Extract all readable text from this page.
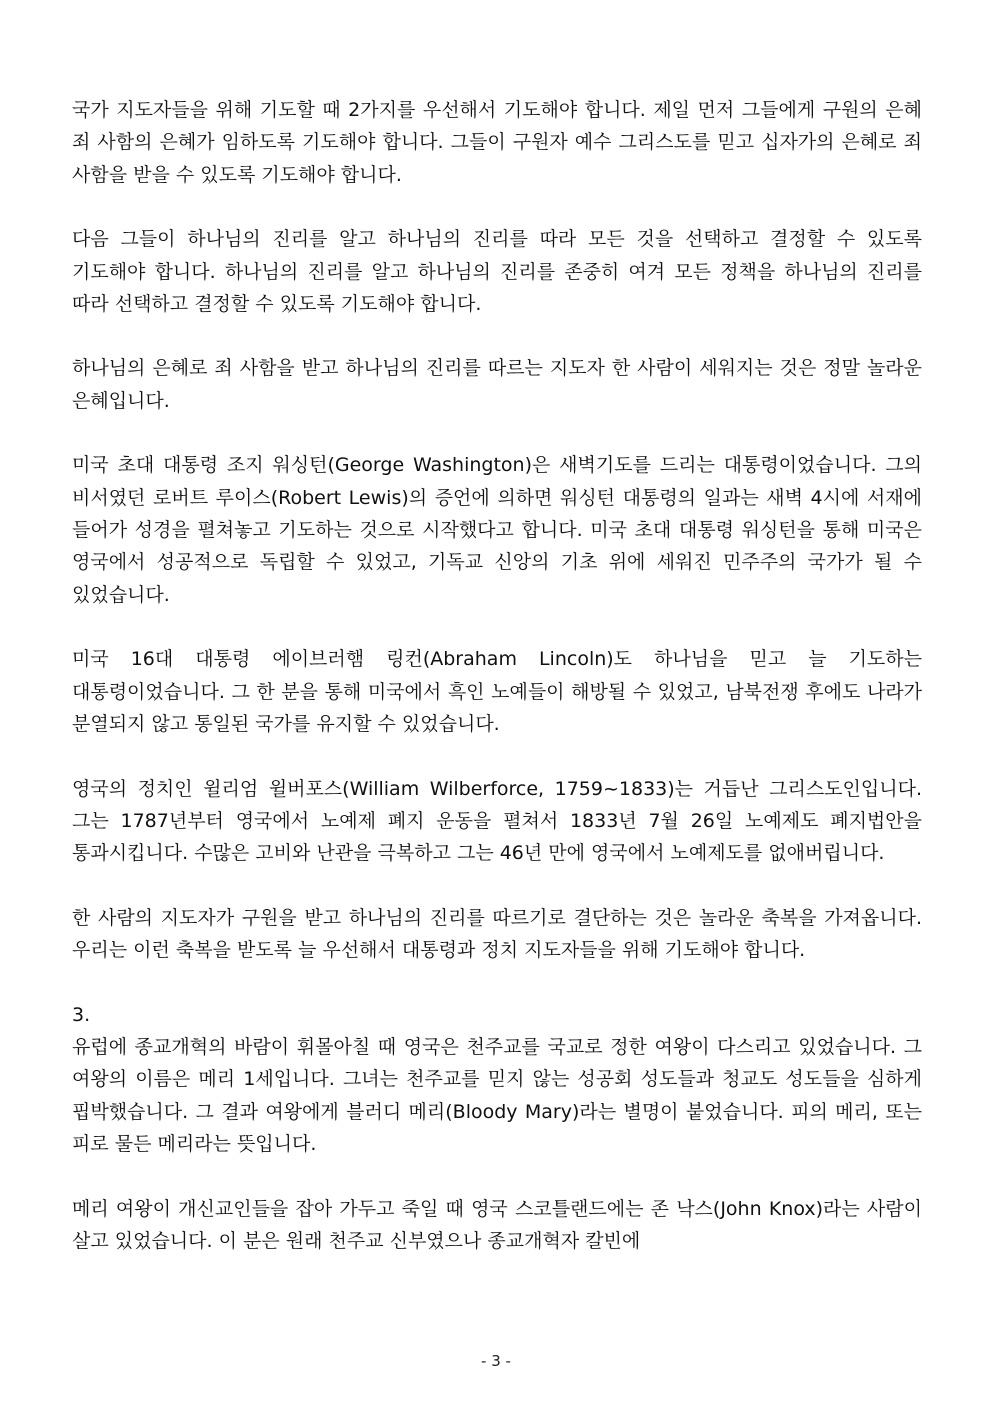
국가 지도자들을 위해 기도할 때 2가지를 우선해서 기도해야 합니다. 제일 먼저 그들에게 구원의 은혜 죄 사함의 은혜가 임하도록 기도해야 합니다. 그들이 구원자 예수 그리스도를 믿고 십자가의 은혜로 죄 사함을 받을 수 있도록 기도해야 합니다.

다음 그들이 하나님의 진리를 알고 하나님의 진리를 따라 모든 것을 선택하고 결정할 수 있도록 기도해야 합니다. 하나님의 진리를 알고 하나님의 진리를 존중히 여겨 모든 정책을 하나님의 진리를 따라 선택하고 결정할 수 있도록 기도해야 합니다.

하나님의 은혜로 죄 사함을 받고 하나님의 진리를 따르는 지도자 한 사람이 세워지는 것은 정말 놀라운 은혜입니다.

미국 초대 대통령 조지 워싱턴(George Washington)은 새벽기도를 드리는 대통령이었습니다. 그의 비서였던 로버트 루이스(Robert Lewis)의 증언에 의하면 워싱턴 대통령의 일과는 새벽 4시에 서재에 들어가 성경을 펼쳐놓고 기도하는 것으로 시작했다고 합니다. 미국 초대 대통령 워싱턴을 통해 미국은 영국에서 성공적으로 독립할 수 있었고, 기독교 신앙의 기초 위에 세워진 민주주의 국가가 될 수 있었습니다.

미국 16대 대통령 에이브러햄 링컨(Abraham Lincoln)도 하나님을 믿고 늘 기도하는 대통령이었습니다. 그 한 분을 통해 미국에서 흑인 노예들이 해방될 수 있었고, 남북전쟁 후에도 나라가 분열되지 않고 통일된 국가를 유지할 수 있었습니다.

영국의 정치인 윌리엄 윌버포스(William Wilberforce, 1759~1833)는 거듭난 그리스도인입니다. 그는 1787년부터 영국에서 노예제 폐지 운동을 펼쳐서 1833년 7월 26일 노예제도 폐지법안을 통과시킵니다. 수많은 고비와 난관을 극복하고 그는 46년 만에 영국에서 노예제도를 없애버립니다.

한 사람의 지도자가 구원을 받고 하나님의 진리를 따르기로 결단하는 것은 놀라운 축복을 가져옵니다. 우리는 이런 축복을 받도록 늘 우선해서 대통령과 정치 지도자들을 위해 기도해야 합니다.

3.

유럽에 종교개혁의 바람이 휘몰아칠 때 영국은 천주교를 국교로 정한 여왕이 다스리고 있었습니다. 그 여왕의 이름은 메리 1세입니다. 그녀는 천주교를 믿지 않는 성공회 성도들과 청교도 성도들을 심하게 핍박했습니다. 그 결과 여왕에게 블러디 메리(Bloody Mary)라는 별명이 붙었습니다. 피의 메리, 또는 피로 물든 메리라는 뜻입니다.

메리 여왕이 개신교인들을 잡아 가두고 죽일 때 영국 스코틀랜드에는 존 낙스(John Knox)라는 사람이 살고 있었습니다. 이 분은 원래 천주교 신부였으나 종교개혁자 칼빈에

- 3 -
